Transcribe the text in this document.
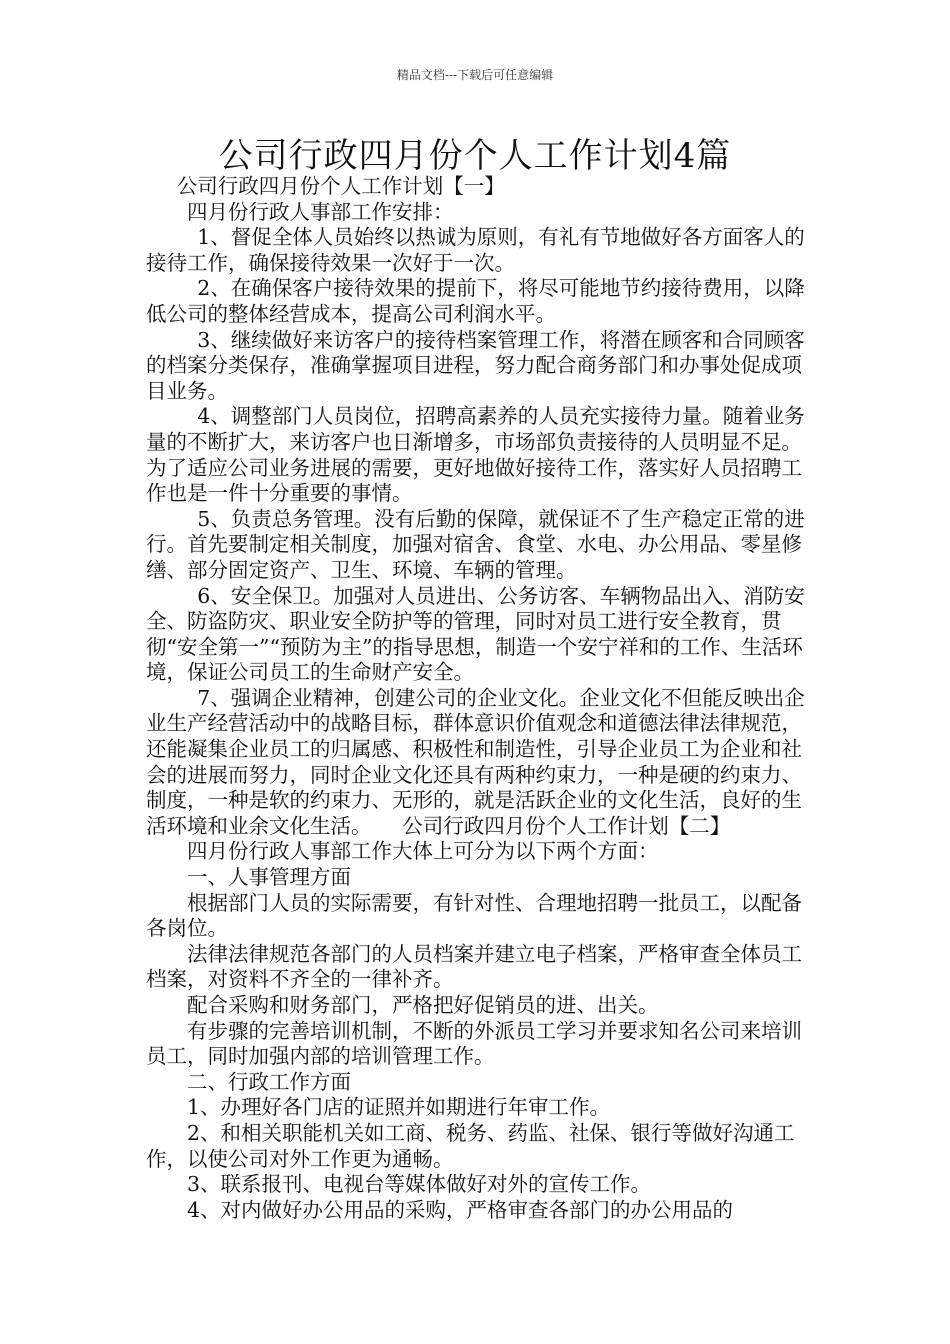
精品文档---下载后可任意编辑
公司行政四月份个人工作计划4篇

公司行政四月份个人工作计划【一】

四月份行政人事部工作安排：

1、督促全体人员始终以热诚为原则，有礼有节地做好各方面客人的接待工作，确保接待效果一次好于一次。

2、在确保客户接待效果的提前下，将尽可能地节约接待费用，以降低公司的整体经营成本，提高公司利润水平。

3、继续做好来访客户的接待档案管理工作，将潜在顾客和合同顾客的档案分类保存，准确掌握项目进程，努力配合商务部门和办事处促成项目业务。

4、调整部门人员岗位，招聘高素养的人员充实接待力量。随着业务量的不断扩大，来访客户也日渐增多，市场部负责接待的人员明显不足。为了适应公司业务进展的需要，更好地做好接待工作，落实好人员招聘工作也是一件十分重要的事情。

5、负责总务管理。没有后勤的保障，就保证不了生产稳定正常的进行。首先要制定相关制度，加强对宿舍、食堂、水电、办公用品、零星修缮、部分固定资产、卫生、环境、车辆的管理。

6、安全保卫。加强对人员进出、公务访客、车辆物品出入、消防安全、防盗防灾、职业安全防护等的管理，同时对员工进行安全教育，贯彻“安全第一”“预防为主”的指导思想，制造一个安宁祥和的工作、生活环境，保证公司员工的生命财产安全。

7、强调企业精神，创建公司的企业文化。企业文化不但能反映出企业生产经营活动中的战略目标，群体意识价值观念和道德法律法律规范，还能凝集企业员工的归属感、积极性和制造性，引导企业员工为企业和社会的进展而努力，同时企业文化还具有两种约束力，一种是硬的约束力、制度，一种是软的约束力、无形的，就是活跃企业的文化生活，良好的生活环境和业余文化生活。　　公司行政四月份个人工作计划【二】

四月份行政人事部工作大体上可分为以下两个方面：

一、人事管理方面

根据部门人员的实际需要，有针对性、合理地招聘一批员工，以配备各岗位。

法律法律规范各部门的人员档案并建立电子档案，严格审查全体员工档案，对资料不齐全的一律补齐。

配合采购和财务部门，严格把好促销员的进、出关。

有步骤的完善培训机制，不断的外派员工学习并要求知名公司来培训员工，同时加强内部的培训管理工作。

二、行政工作方面

1、办理好各门店的证照并如期进行年审工作。

2、和相关职能机关如工商、税务、药监、社保、银行等做好沟通工作，以使公司对外工作更为通畅。

3、联系报刊、电视台等媒体做好对外的宣传工作。

4、对内做好办公用品的采购，严格审查各部门的办公用品的
